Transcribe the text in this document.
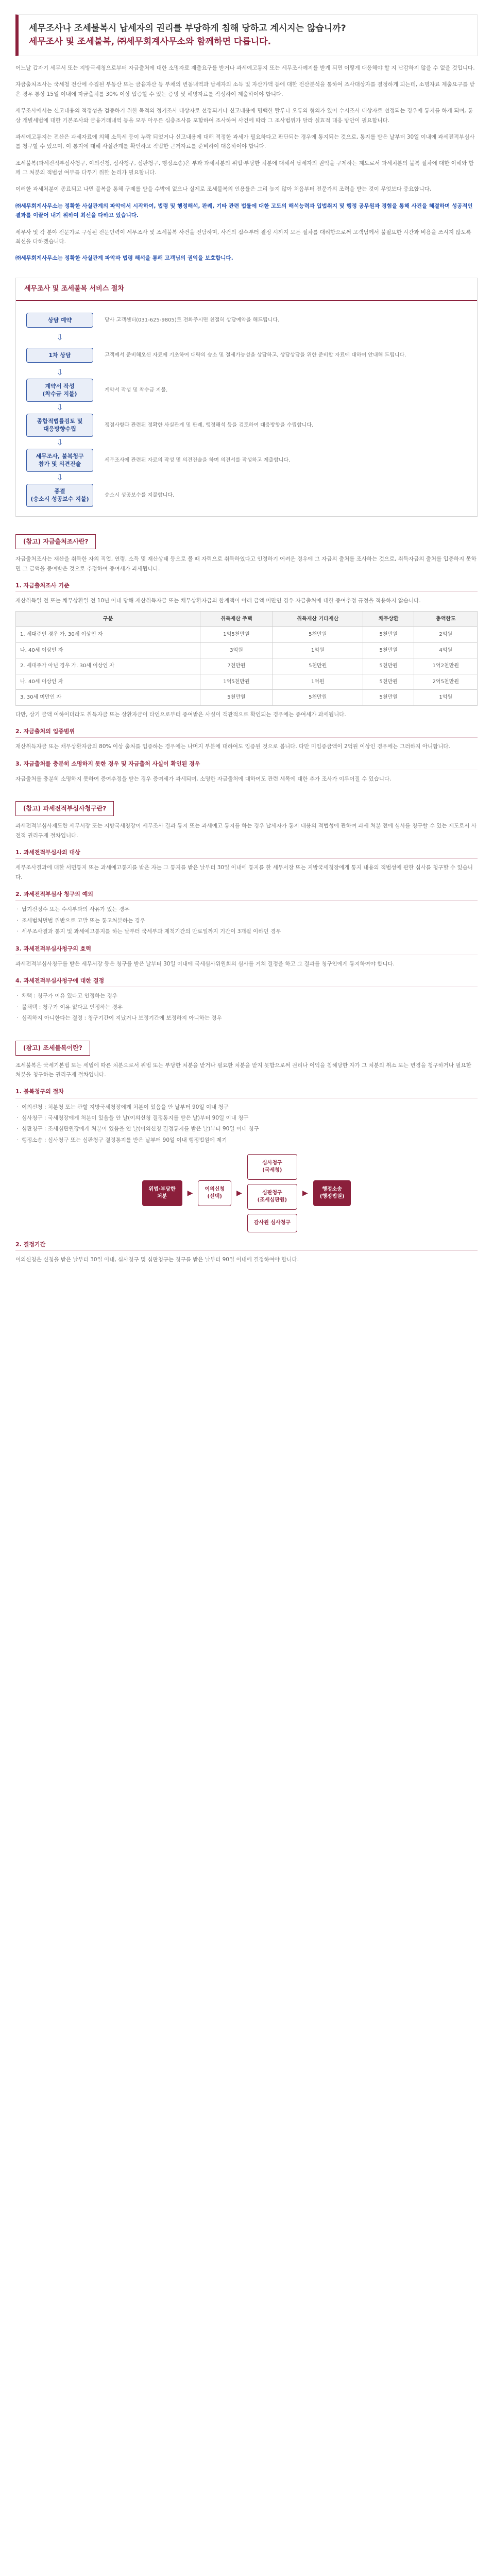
세무조사나 조세불복시 납세자의 권리를 부당하게 침해 당하고 계시지는 않습니까?
세무조사 및 조세불복, ㈜세무회계사무소와 함께하면 다릅니다.

어느날 갑자기 세무서 또는 지방국세청으로부터 자금출처에 대한 소명자료 제출요구를 받거나 과세예고통지 또는 세무조사예지를 받게 되면 어떻게 대응해야 할 지 난감하지 않을 수 없을 것입니다.

자금출처조사는 국세청 전산에 수집된 부동산 또는 금융자산 등 부채의 변동내역과 납세자의 소득 및 자산가액 등에 대한 전산분석을 통하여 조사대상자를 결정하게 되는데, 소명자료 제출요구를 받은 경우 통상 15일 이내에 자금출처를 30% 이상 입증할 수 있는 증빙 및 해명자료를 작성하여 제출하여야 합니다.

세무조사에서는 신고내용의 적정성을 검증하기 위한 목적의 정기조사 대상자로 선정되거나 신고내용에 명백한 탈루나 오류의 혐의가 있어 수시조사 대상자로 선정되는 경우에 통지를 하게 되며, 통상 개별세법에 대한 기본조사와 금융거래내역 등을 모두 아우른 심층조사를 포함하여 조사하여 사건에 따라 그 조사범위가 달라 실효적 대응 방안이 필요합니다.

과세예고통지는 전산은 과세자료에 의해 소득세 등이 누락 되었거나 신고내용에 대해 적정한 과세가 필요하다고 판단되는 경우에 통지되는 것으로, 통지를 받은 날부터 30일 이내에 과세전적부심사를 청구할 수 있으며, 이 통지에 대해 사실관계를 확인하고 적법한 근거자료를 준비하여 대응하여야 합니다.

조세불복(과세전적부심사청구, 이의신청, 심사청구, 심판청구, 행정소송)은 부과 과세처분의 위법·부당한 처분에 대해서 납세자의 권익을 구제하는 제도로서 과세처분의 불복 절차에 대한 이해와 함께 그 처분의 적법성 여부를 다투기 위한 논리가 필요합니다.

이러한 과세처분이 종료되고 나면 불복을 통해 구제를 받을 수밖에 없으나 실제로 조세불복의 인용률은 그리 높지 않아 처음부터 전문가의 조력을 받는 것이 무엇보다 중요합니다.

㈜세무회계사무소는 정확한 사실관계의 파악에서 시작하여, 법령 및 행정해석, 판례, 기타 관련 법률에 대한 고도의 해석능력과 입법취지 및 행정 공무원과 경험을 통해 사건을 해결하며 성공적인 결과를 이끌어 내기 위하여 최선을 다하고 있습니다.

세무사 및 각 분야 전문가로 구성된 전문인력이 세무조사 및 조세불복 사건을 전담하며, 사건의 접수부터 결정 시까지 모든 절차를 대리함으로써 고객님께서 불필요한 시간과 비용을 쓰시지 않도록 최선을 다하겠습니다.

㈜세무회계사무소는 정확한 사실관계 파악과 법령 해석을 통해 고객님의 권익을 보호합니다.

세무조사 및 조세불복 서비스 절차
상담 예약	당사 고객센터(031-625-9805)로 전화주시면 친절히 상담예약을 해드립니다.
⇩
1차 상담	고객께서 준비해오신 자료에 기초하여 대략의 승소 및 절세가능성을 상담하고, 상담상담을 위한 준비할 자료에 대하여 안내해 드립니다.
⇩
계약서 작성
(착수금 지불)
계약서 작성 및 착수금 지불.
⇩
종합적법률검토 및
대응방향수립
쟁점사항과 관련된 정확한 사실관계 및 판례, 행정해석 등을 검토하여 대응방향을 수립합니다.
⇩
세무조사, 불복청구
참가 및 의견진술
세무조사에 관련된 자료의 작성 및 의견진술을 하며 의견서를 작성하고 제출합니다.
⇩
종결
(승소시 성공보수 지불)
승소시 성공보수를 지불합니다.
(참고) 자금출처조사란?

자금출처조사는 재산을 취득한 자의 직업, 연령, 소득 및 재산상태 등으로 볼 때 자력으로 취득하였다고 인정하기 어려운 경우에 그 자금의 출처를 조사하는 것으로, 취득자금의 출처를 입증하지 못하면 그 금액을 증여받은 것으로 추정하여 증여세가 과세됩니다.

1. 자금출처조사 기준

재산취득일 전 또는 채무상환일 전 10년 이내 당해 재산취득자금 또는 채무상환자금의 합계액이 아래 금액 미만인 경우 자금출처에 대한 증여추정 규정을 적용하지 않습니다.

구분	취득재산 주택	취득재산 기타재산	채무상환	총액한도
1. 세대주인 경우 가. 30세 이상인 자	1억5천만원	5천만원	5천만원	2억원
나. 40세 이상인 자	3억원	1억원	5천만원	4억원
2. 세대주가 아닌 경우 가. 30세 이상인 자	7천만원	5천만원	5천만원	1억2천만원
나. 40세 이상인 자	1억5천만원	1억원	5천만원	2억5천만원
3. 30세 미만인 자	5천만원	5천만원	5천만원	1억원

다만, 상기 금액 이하이더라도 취득자금 또는 상환자금이 타인으로부터 증여받은 사실이 객관적으로 확인되는 경우에는 증여세가 과세됩니다.

2. 자금출처의 입증범위

재산취득자금 또는 채무상환자금의 80% 이상 출처를 입증하는 경우에는 나머지 부분에 대하여도 입증된 것으로 봅니다. 다만 미입증금액이 2억원 이상인 경우에는 그러하지 아니합니다.

3. 자금출처를 충분히 소명하지 못한 경우 및 자금출처 사실이 확인된 경우

자금출처를 충분히 소명하지 못하여 증여추정을 받는 경우 증여세가 과세되며, 소명한 자금출처에 대하여도 관련 세목에 대한 추가 조사가 이루어질 수 있습니다.

(참고) 과세전적부심사청구란?

과세전적부심사제도란 세무서장 또는 지방국세청장이 세무조사 결과 통지 또는 과세예고 통지를 하는 경우 납세자가 통지 내용의 적법성에 관하여 과세 처분 전에 심사를 청구할 수 있는 제도로서 사전적 권리구제 절차입니다.

1. 과세전적부심사의 대상

세무조사결과에 대한 서면통지 또는 과세예고통지를 받은 자는 그 통지를 받은 날부터 30일 이내에 통지를 한 세무서장 또는 지방국세청장에게 통지 내용의 적법성에 관한 심사를 청구할 수 있습니다.

2. 과세전적부심사 청구의 예외
· 납기전징수 또는 수시부과의 사유가 있는 경우
· 조세범처벌법 위반으로 고발 또는 통고처분하는 경우
· 세무조사결과 통지 및 과세예고통지를 하는 날부터 국세부과 제척기간의 만료일까지 기간이 3개월 이하인 경우
3. 과세전적부심사청구의 효력

과세전적부심사청구를 받은 세무서장 등은 청구를 받은 날부터 30일 이내에 국세심사위원회의 심사를 거쳐 결정을 하고 그 결과를 청구인에게 통지하여야 합니다.

4. 과세전적부심사청구에 대한 결정
· 채택 : 청구가 이유 있다고 인정하는 경우
· 불채택 : 청구가 이유 없다고 인정하는 경우
· 심리하지 아니한다는 결정 : 청구기간이 지났거나 보정기간에 보정하지 아니하는 경우
(참고) 조세불복이란?

조세불복은 국세기본법 또는 세법에 따른 처분으로서 위법 또는 부당한 처분을 받거나 필요한 처분을 받지 못함으로써 권리나 이익을 침해당한 자가 그 처분의 취소 또는 변경을 청구하거나 필요한 처분을 청구하는 권리구제 절차입니다.

1. 불복청구의 절차
· 이의신청 : 처분청 또는 관할 지방국세청장에게 처분이 있음을 안 날부터 90일 이내 청구
· 심사청구 : 국세청장에게 처분이 있음을 안 날(이의신청 결정통지를 받은 날)부터 90일 이내 청구
· 심판청구 : 조세심판원장에게 처분이 있음을 안 날(이의신청 결정통지를 받은 날)부터 90일 이내 청구
· 행정소송 : 심사청구 또는 심판청구 결정통지를 받은 날부터 90일 이내 행정법원에 제기
위법·부당한
처분	▶	이의신청
(선택)	▶
심사청구
(국세청)
심판청구
(조세심판원)
감사원 심사청구
▶	행정소송
(행정법원)
2. 결정기간

이의신청은 신청을 받은 날부터 30일 이내, 심사청구 및 심판청구는 청구를 받은 날부터 90일 이내에 결정하여야 합니다.
